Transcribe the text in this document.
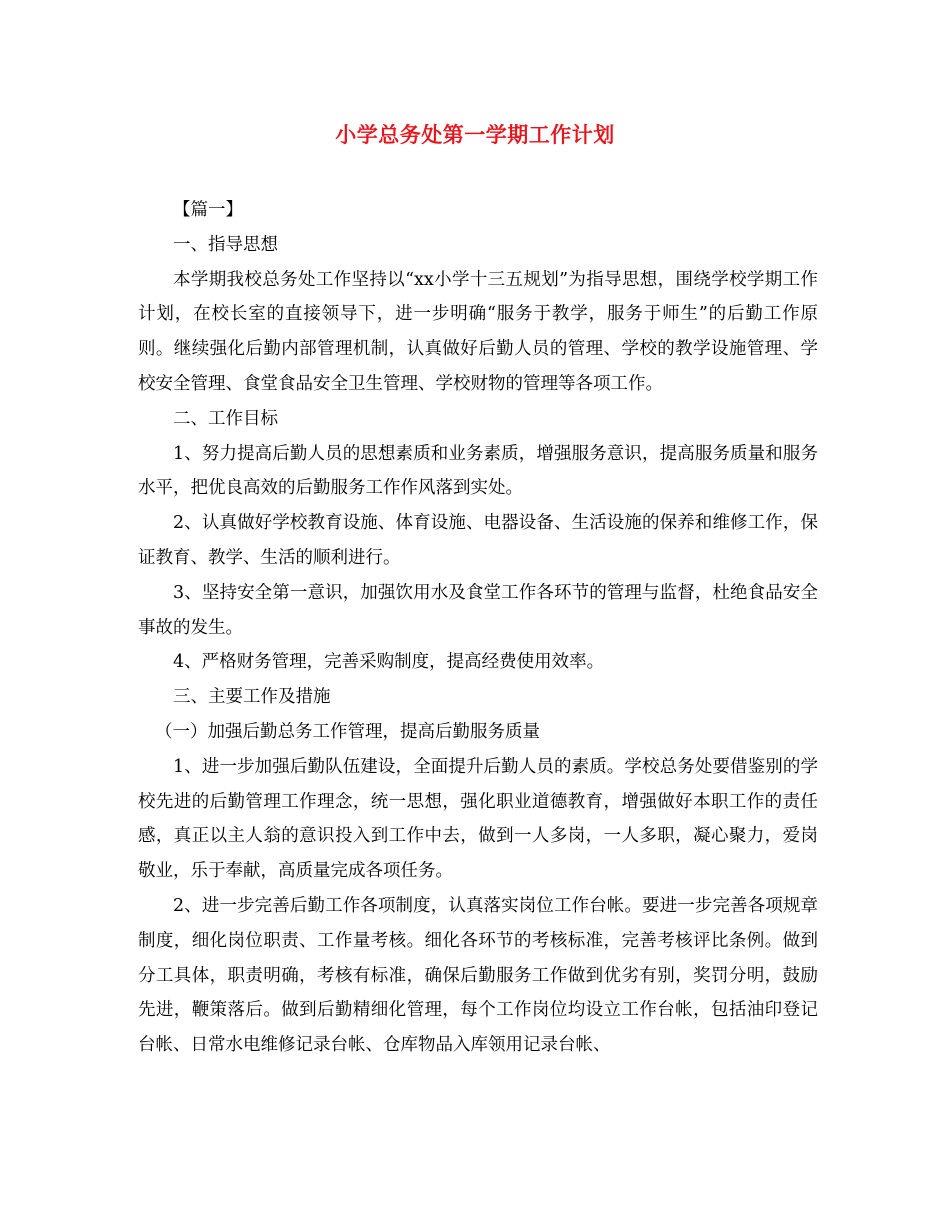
小学总务处第一学期工作计划

【篇一】

一、指导思想

本学期我校总务处工作坚持以“xx小学十三五规划”为指导思想，围绕学校学期工作计划，在校长室的直接领导下，进一步明确“服务于教学，服务于师生”的后勤工作原则。继续强化后勤内部管理机制，认真做好后勤人员的管理、学校的教学设施管理、学校安全管理、食堂食品安全卫生管理、学校财物的管理等各项工作。

二、工作目标

1、努力提高后勤人员的思想素质和业务素质，增强服务意识，提高服务质量和服务水平，把优良高效的后勤服务工作作风落到实处。

2、认真做好学校教育设施、体育设施、电器设备、生活设施的保养和维修工作，保证教育、教学、生活的顺利进行。

3、坚持安全第一意识，加强饮用水及食堂工作各环节的管理与监督，杜绝食品安全事故的发生。

4、严格财务管理，完善采购制度，提高经费使用效率。

三、主要工作及措施

（一）加强后勤总务工作管理，提高后勤服务质量

1、进一步加强后勤队伍建设，全面提升后勤人员的素质。学校总务处要借鉴别的学校先进的后勤管理工作理念，统一思想，强化职业道德教育，增强做好本职工作的责任感，真正以主人翁的意识投入到工作中去，做到一人多岗，一人多职，凝心聚力，爱岗敬业，乐于奉献，高质量完成各项任务。

2、进一步完善后勤工作各项制度，认真落实岗位工作台帐。要进一步完善各项规章制度，细化岗位职责、工作量考核。细化各环节的考核标准，完善考核评比条例。做到分工具体，职责明确，考核有标准，确保后勤服务工作做到优劣有别，奖罚分明，鼓励先进，鞭策落后。做到后勤精细化管理，每个工作岗位均设立工作台帐，包括油印登记台帐、日常水电维修记录台帐、仓库物品入库领用记录台帐、
